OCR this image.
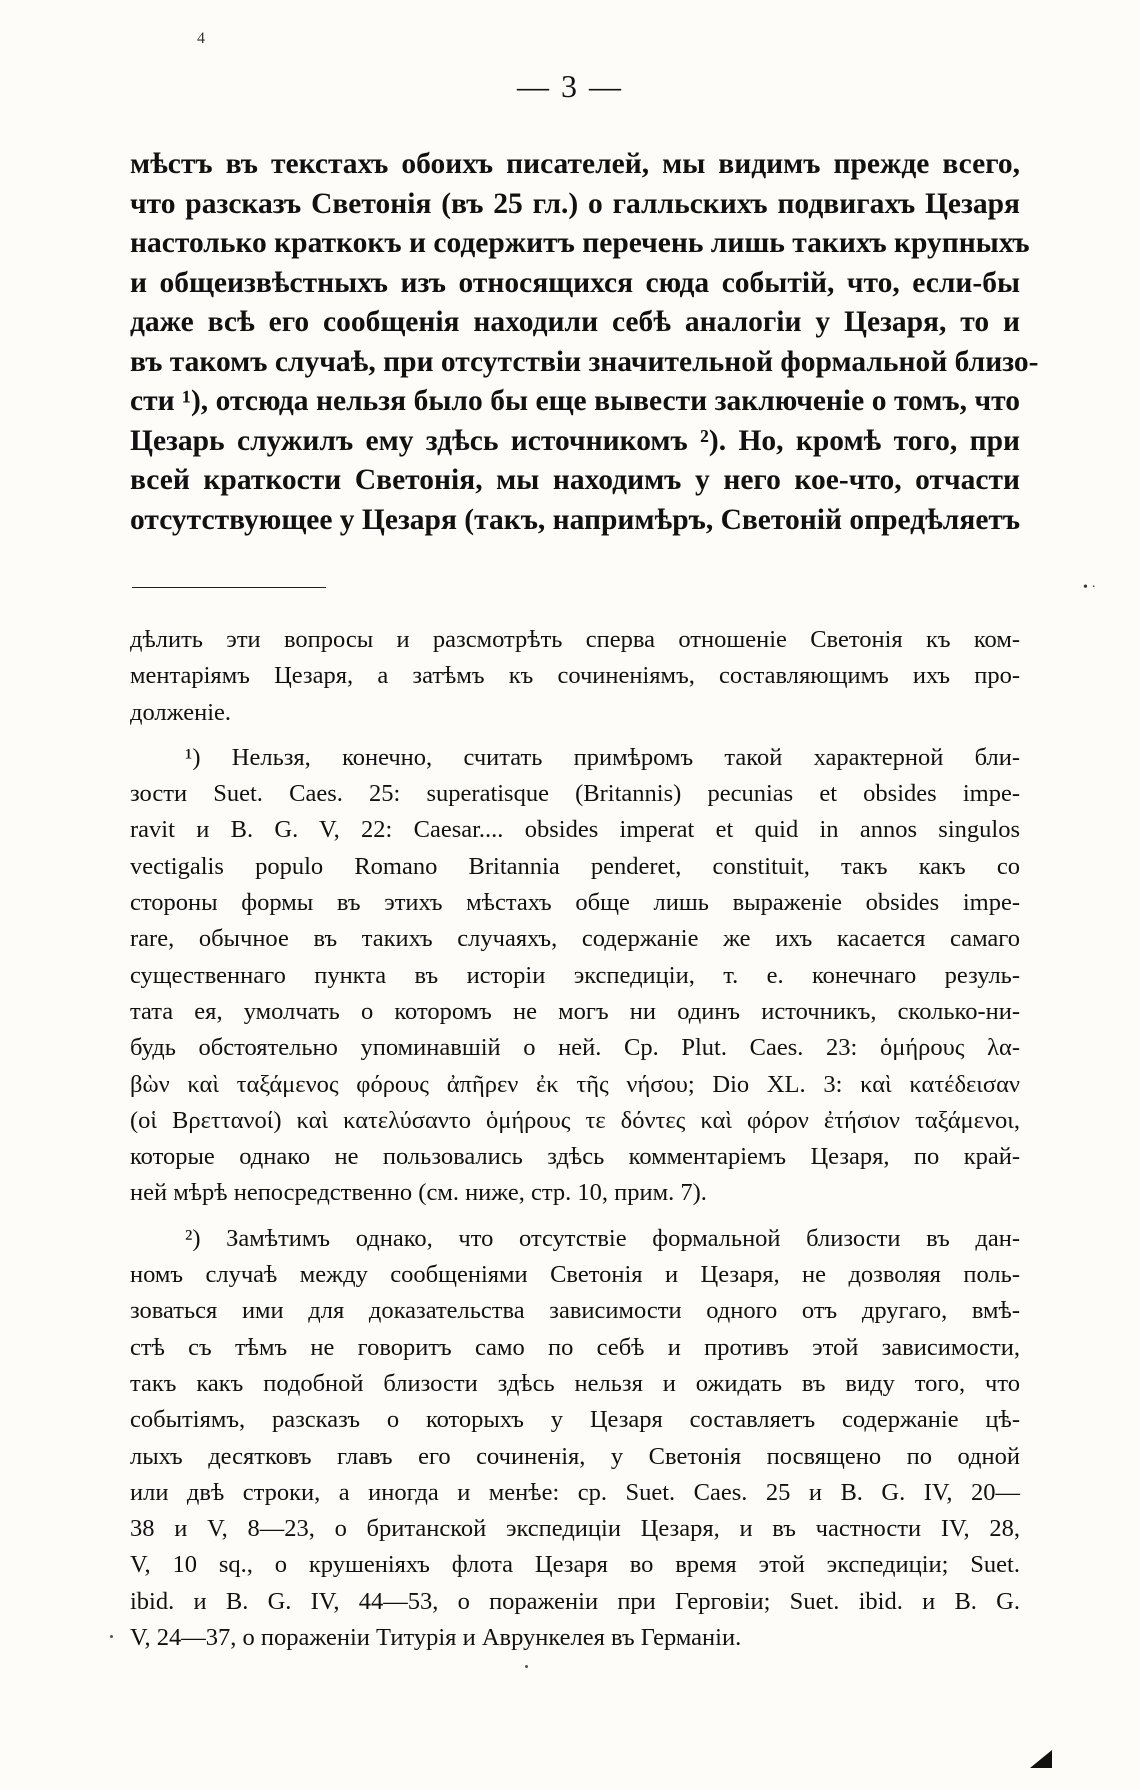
4
— 3 —
мѣстъ въ текстахъ обоихъ писателей, мы видимъ прежде всего,
что разсказъ Светонія (въ 25 гл.) о галльскихъ подвигахъ Цезаря
настолько краткокъ и содержитъ перечень лишь такихъ крупныхъ
и общеизвѣстныхъ изъ относящихся сюда событій, что, если-бы
даже всѣ его сообщенія находили себѣ аналогіи у Цезаря, то и
въ такомъ случаѣ, при отсутствіи значительной формальной близо-
сти ¹), отсюда нельзя было бы еще вывести заключеніе о томъ, что
Цезарь служилъ ему здѣсь источникомъ ²). Но, кромѣ того, при
всей краткости Светонія, мы находимъ у него кое-что, отчасти
отсутствующее у Цезаря (такъ, напримѣръ, Светоній опредѣляетъ
• ·
дѣлить эти вопросы и разсмотрѣть сперва отношеніе Светонія къ ком-
ментаріямъ Цезаря, а затѣмъ къ сочиненіямъ, составляющимъ ихъ про-
долженіе.
¹) Нельзя, конечно, считать примѣромъ такой характерной бли-
зости Suet. Caes. 25: superatisque (Britannis) pecunias et obsides impe-
ravit и B. G. V, 22: Caesar.... obsides imperat et quid in annos singulos
vectigalis populo Romano Britannia penderet, constituit, такъ какъ со
стороны формы въ этихъ мѣстахъ обще лишь выраженіе obsides impe-
rare, обычное въ такихъ случаяхъ, содержаніе же ихъ касается самаго
существеннаго пункта въ исторіи экспедиціи, т. е. конечнаго резуль-
тата ея, умолчать о которомъ не могъ ни одинъ источникъ, сколько-ни-
будь обстоятельно упоминавшій о ней. Cp. Plut. Caes. 23: ὁμήρους λα-
βὼν καὶ ταξάμενος φόρους ἀπῆρεν ἐκ τῆς νήσου; Dio XL. 3: καὶ κατέδεισαν
(οἱ Βρεττανοί) καὶ κατελύσαντο ὁμήρους τε δόντες καὶ φόρον ἐτήσιον ταξάμενοι,
которые однако не пользовались здѣсь комментаріемъ Цезаря, по край-
ней мѣрѣ непосредственно (см. ниже, стр. 10, прим. 7).
²) Замѣтимъ однако, что отсутствіе формальной близости въ дан-
номъ случаѣ между сообщеніями Светонія и Цезаря, не дозволяя поль-
зоваться ими для доказательства зависимости одного отъ другаго, вмѣ-
стѣ съ тѣмъ не говоритъ само по себѣ и противъ этой зависимости,
такъ какъ подобной близости здѣсь нельзя и ожидать въ виду того, что
событіямъ, разсказъ о которыхъ у Цезаря составляетъ содержаніе цѣ-
лыхъ десятковъ главъ его сочиненія, у Светонія посвящено по одной
или двѣ строки, а иногда и менѣе: ср. Suet. Caes. 25 и B. G. IV, 20—
38 и V, 8—23, о британской экспедиціи Цезаря, и въ частности IV, 28,
V, 10 sq., о крушеніяхъ флота Цезаря во время этой экспедиціи; Suet.
ibid. и B. G. IV, 44—53, о пораженіи при Герговіи; Suet. ibid. и B. G.
V, 24—37, о пораженіи Титурія и Аврункелея въ Германіи.
